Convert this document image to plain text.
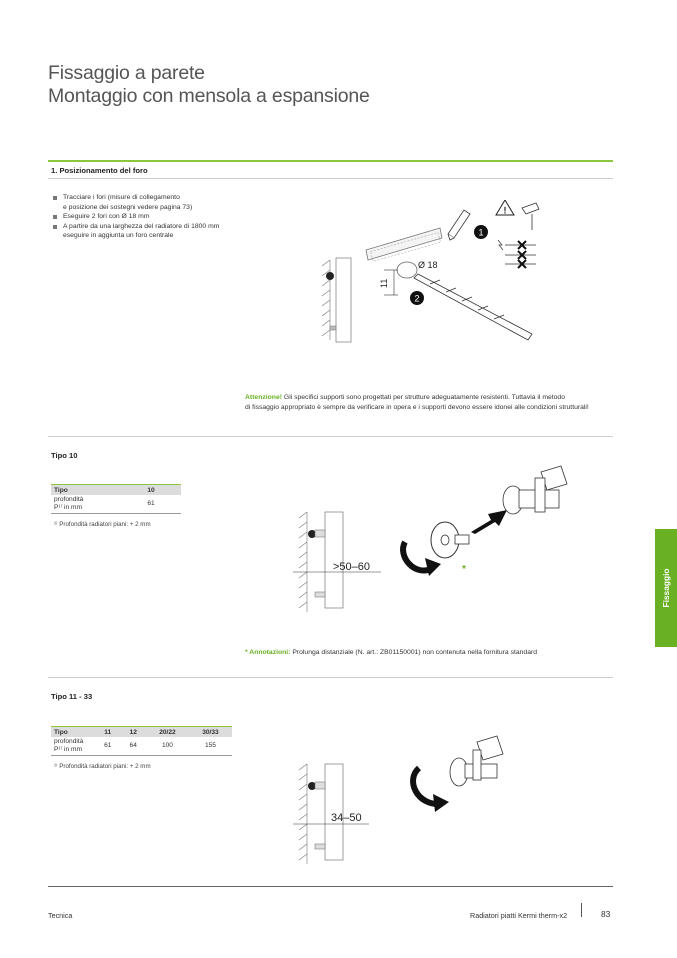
Fissaggio a parete
Montaggio con mensola a espansione
1. Posizionamento del foro
Tracciare i fori (misure di collegamento
e posizione dei sostegni vedere pagina 73)
Eseguire 2 fori con Ø 18 mm
A partire da una larghezza del radiatore di 1800 mm
eseguire in aggiunta un foro centrale
11
Ø 18
1
2
!
Attenzione! Gli specifici supporti sono progettati per strutture adeguatamente resistenti. Tuttavia il metodo
di fissaggio appropriato è sempre da verificare in opera e i supporti devono essere idonei alle condizioni strutturali!
Tipo 10
Tipo	10
profondità
P¹⁾ in mm	61
¹⁾ Profondità radiatori piani: + 2 mm
>50–60	*
* Annotazioni: Prolunga distanziale (N. art.: ZB01150001) non contenuta nella fornitura standard
Tipo 11 - 33
Tipo	11	12	20/22	30/33
profondità
P¹⁾ in mm	61	64	100	155
¹⁾ Profondità radiatori piani: + 2 mm
34–50
Fissaggio
Tecnica	Radiatori piatti Kermi therm-x2	83
